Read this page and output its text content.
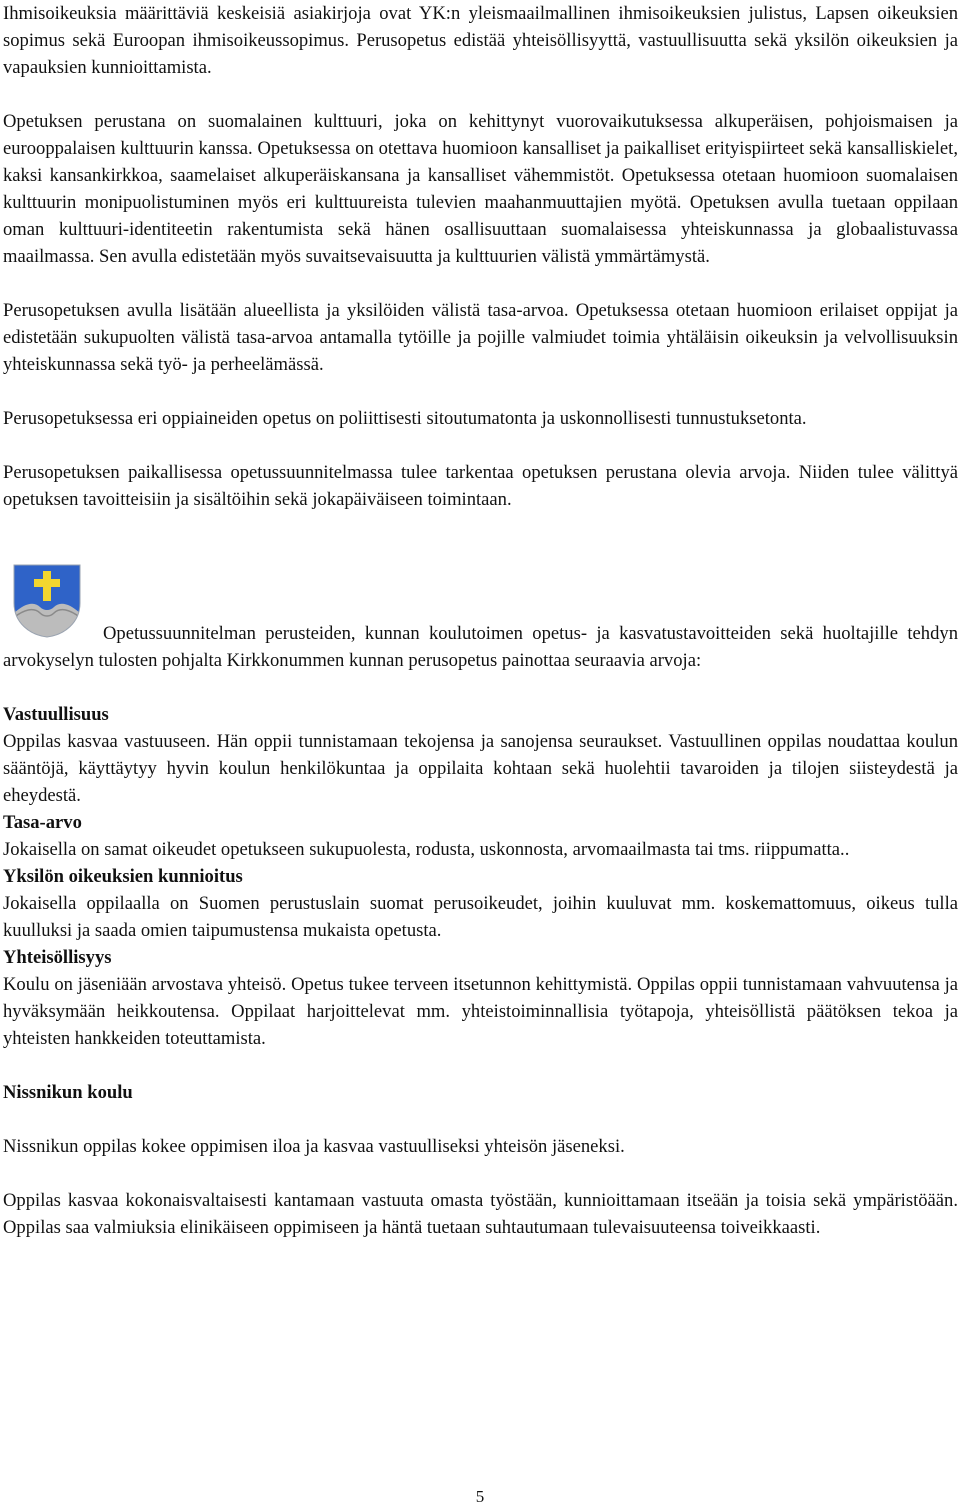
Ihmisoikeuksia määrittäviä keskeisiä asiakirjoja ovat YK:n yleismaailmallinen ihmisoikeuksien julistus, Lapsen oikeuksien sopimus sekä Euroopan ihmisoikeussopimus. Perusopetus edistää yhteisöllisyyttä, vastuullisuutta sekä yksilön oikeuksien ja vapauksien kunnioittamista.

Opetuksen perustana on suomalainen kulttuuri, joka on kehittynyt vuorovaikutuksessa alkuperäisen, pohjoismaisen ja eurooppalaisen kulttuurin kanssa. Opetuksessa on otettava huomioon kansalliset ja paikalliset erityispiirteet sekä kansalliskielet, kaksi kansankirkkoa, saamelaiset alkuperäiskansana ja kansalliset vähemmistöt. Opetuksessa otetaan huomioon suomalaisen kulttuurin monipuolistuminen myös eri kulttuureista tulevien maahanmuuttajien myötä. Opetuksen avulla tuetaan oppilaan oman kulttuuri-identiteetin rakentumista sekä hänen osallisuuttaan suomalaisessa yhteiskunnassa ja globaalistuvassa maailmassa. Sen avulla edistetään myös suvaitsevaisuutta ja kulttuurien välistä ymmärtämystä.

Perusopetuksen avulla lisätään alueellista ja yksilöiden välistä tasa-arvoa. Opetuksessa otetaan huomioon erilaiset oppijat ja edistetään sukupuolten välistä tasa-arvoa antamalla tytöille ja pojille valmiudet toimia yhtäläisin oikeuksin ja velvollisuuksin yhteiskunnassa sekä työ- ja perheelämässä.

Perusopetuksessa eri oppiaineiden opetus on poliittisesti sitoutumatonta ja uskonnollisesti tunnustuksetonta.

Perusopetuksen paikallisessa opetussuunnitelmassa tulee tarkentaa opetuksen perustana olevia arvoja. Niiden tulee välittyä opetuksen tavoitteisiin ja sisältöihin sekä jokapäiväiseen toimintaan.

Opetussuunnitelman perusteiden, kunnan koulutoimen opetus- ja kasvatustavoitteiden sekä huoltajille tehdyn arvokyselyn tulosten pohjalta Kirkkonummen kunnan perusopetus painottaa seuraavia arvoja:

Vastuullisuus

Oppilas kasvaa vastuuseen. Hän oppii tunnistamaan tekojensa ja sanojensa seuraukset. Vastuullinen oppilas noudattaa koulun sääntöjä, käyttäytyy hyvin koulun henkilökuntaa ja oppilaita kohtaan sekä huolehtii tavaroiden ja tilojen siisteydestä ja eheydestä.

Tasa-arvo

Jokaisella on samat oikeudet opetukseen sukupuolesta, rodusta, uskonnosta, arvomaailmasta tai tms. riippumatta..

Yksilön oikeuksien kunnioitus

Jokaisella oppilaalla on Suomen perustuslain suomat perusoikeudet, joihin kuuluvat mm. koskemattomuus, oikeus tulla kuulluksi ja saada omien taipumustensa mukaista opetusta.

Yhteisöllisyys

Koulu on jäseniään arvostava yhteisö. Opetus tukee terveen itsetunnon kehittymistä. Oppilas oppii tunnistamaan vahvuutensa ja hyväksymään heikkoutensa. Oppilaat harjoittelevat mm. yhteistoiminnallisia työtapoja, yhteisöllistä päätöksen tekoa ja yhteisten hankkeiden toteuttamista.

Nissnikun koulu

Nissnikun oppilas kokee oppimisen iloa ja kasvaa vastuulliseksi yhteisön jäseneksi.

Oppilas kasvaa kokonaisvaltaisesti kantamaan vastuuta omasta työstään, kunnioittamaan itseään ja toisia sekä ympäristöään. Oppilas saa valmiuksia elinikäiseen oppimiseen ja häntä tuetaan suhtautumaan tulevaisuuteensa toiveikkaasti.

5
